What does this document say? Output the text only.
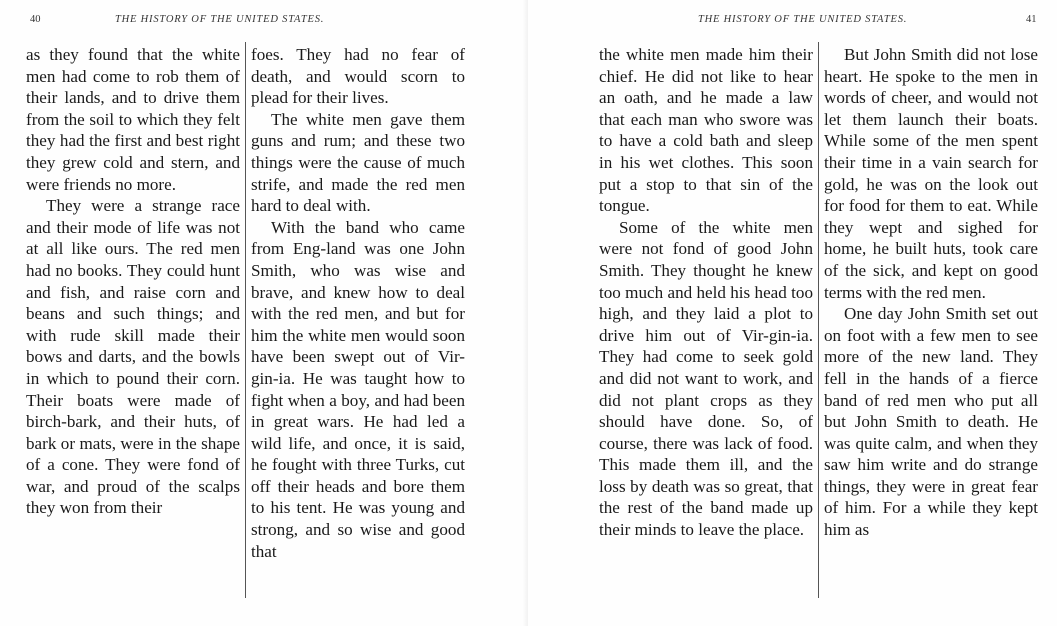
40	THE HISTORY OF THE UNITED STATES.

as they found that the white men had come to rob them of their lands, and to drive them from the soil to which they felt they had the first and best right they grew cold and stern, and were friends no more.

They were a strange race and their mode of life was not at all like ours. The red men had no books. They could hunt and fish, and raise corn and beans and such things; and with rude skill made their bows and darts, and the bowls in which to pound their corn. Their boats were made of birch-bark, and their huts, of bark or mats, were in the shape of a cone. They were fond of war, and proud of the scalps they won from their

foes. They had no fear of death, and would scorn to plead for their lives.

The white men gave them guns and rum; and these two things were the cause of much strife, and made the red men hard to deal with.

With the band who came from Eng-land was one John Smith, who was wise and brave, and knew how to deal with the red men, and but for him the white men would soon have been swept out of Vir-gin-ia. He was taught how to fight when a boy, and had been in great wars. He had led a wild life, and once, it is said, he fought with three Turks, cut off their heads and bore them to his tent. He was young and strong, and so wise and good that

THE HISTORY OF THE UNITED STATES.	41

the white men made him their chief. He did not like to hear an oath, and he made a law that each man who swore was to have a cold bath and sleep in his wet clothes. This soon put a stop to that sin of the tongue.

Some of the white men were not fond of good John Smith. They thought he knew too much and held his head too high, and they laid a plot to drive him out of Vir-gin-ia. They had come to seek gold and did not want to work, and did not plant crops as they should have done. So, of course, there was lack of food. This made them ill, and the loss by death was so great, that the rest of the band made up their minds to leave the place.

But John Smith did not lose heart. He spoke to the men in words of cheer, and would not let them launch their boats. While some of the men spent their time in a vain search for gold, he was on the look out for food for them to eat. While they wept and sighed for home, he built huts, took care of the sick, and kept on good terms with the red men.

One day John Smith set out on foot with a few men to see more of the new land. They fell in the hands of a fierce band of red men who put all but John Smith to death. He was quite calm, and when they saw him write and do strange things, they were in great fear of him. For a while they kept him as
